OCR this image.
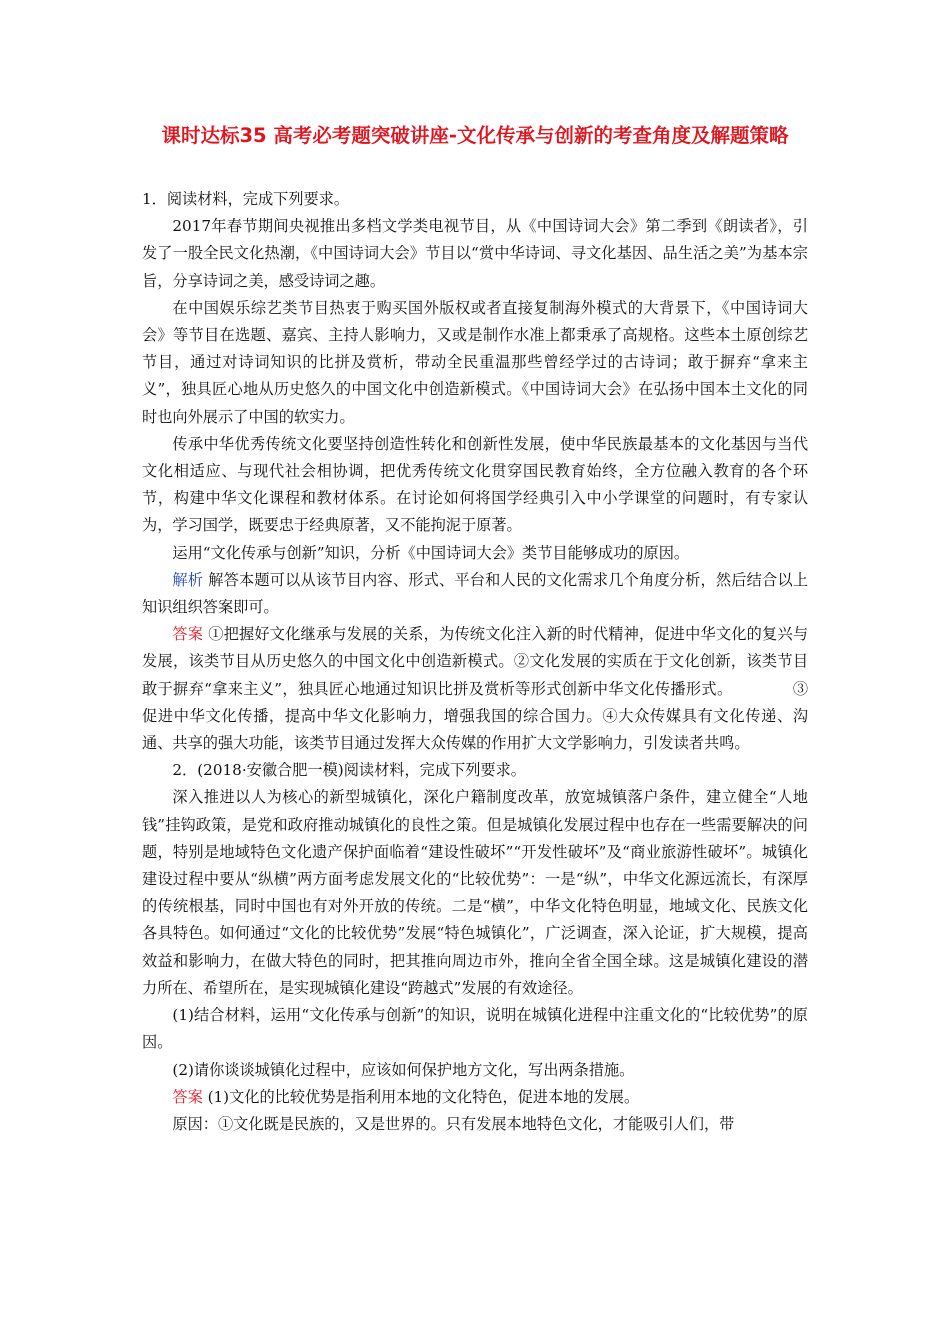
课时达标35 高考必考题突破讲座-文化传承与创新的考查角度及解题策略

1．阅读材料，完成下列要求。

2017年春节期间央视推出多档文学类电视节目，从《中国诗词大会》第二季到《朗读者》，引发了一股全民文化热潮，《中国诗词大会》节目以“赏中华诗词、寻文化基因、品生活之美”为基本宗旨，分享诗词之美，感受诗词之趣。

在中国娱乐综艺类节目热衷于购买国外版权或者直接复制海外模式的大背景下，《中国诗词大会》等节目在选题、嘉宾、主持人影响力，又或是制作水准上都秉承了高规格。这些本土原创综艺节目，通过对诗词知识的比拼及赏析，带动全民重温那些曾经学过的古诗词；敢于摒弃“拿来主义”，独具匠心地从历史悠久的中国文化中创造新模式。《中国诗词大会》在弘扬中国本土文化的同时也向外展示了中国的软实力。

传承中华优秀传统文化要坚持创造性转化和创新性发展，使中华民族最基本的文化基因与当代文化相适应、与现代社会相协调，把优秀传统文化贯穿国民教育始终，全方位融入教育的各个环节，构建中华文化课程和教材体系。在讨论如何将国学经典引入中小学课堂的问题时，有专家认为，学习国学，既要忠于经典原著，又不能拘泥于原著。

运用“文化传承与创新”知识，分析《中国诗词大会》类节目能够成功的原因。

解析 解答本题可以从该节目内容、形式、平台和人民的文化需求几个角度分析，然后结合以上知识组织答案即可。

答案 ①把握好文化继承与发展的关系，为传统文化注入新的时代精神，促进中华文化的复兴与发展，该类节目从历史悠久的中国文化中创造新模式。②文化发展的实质在于文化创新，该类节目敢于摒弃“拿来主义”，独具匠心地通过知识比拼及赏析等形式创新中华文化传播形式。	③促进中华文化传播，提高中华文化影响力，增强我国的综合国力。④大众传媒具有文化传递、沟通、共享的强大功能，该类节目通过发挥大众传媒的作用扩大文学影响力，引发读者共鸣。

2．(2018·安徽合肥一模)阅读材料，完成下列要求。

深入推进以人为核心的新型城镇化，深化户籍制度改革，放宽城镇落户条件，建立健全“人地钱”挂钩政策，是党和政府推动城镇化的良性之策。但是城镇化发展过程中也存在一些需要解决的问题，特别是地域特色文化遗产保护面临着“建设性破坏”“开发性破坏”及“商业旅游性破坏”。城镇化建设过程中要从“纵横”两方面考虑发展文化的“比较优势”：一是“纵”，中华文化源远流长，有深厚的传统根基，同时中国也有对外开放的传统。二是“横”，中华文化特色明显，地域文化、民族文化各具特色。如何通过“文化的比较优势”发展“特色城镇化”，广泛调查，深入论证，扩大规模，提高效益和影响力，在做大特色的同时，把其推向周边市外，推向全省全国全球。这是城镇化建设的潜力所在、希望所在，是实现城镇化建设“跨越式”发展的有效途径。

(1)结合材料，运用“文化传承与创新”的知识，说明在城镇化进程中注重文化的“比较优势”的原因。

(2)请你谈谈城镇化过程中，应该如何保护地方文化，写出两条措施。

答案 (1)文化的比较优势是指利用本地的文化特色，促进本地的发展。

原因：①文化既是民族的，又是世界的。只有发展本地特色文化，才能吸引人们，带
